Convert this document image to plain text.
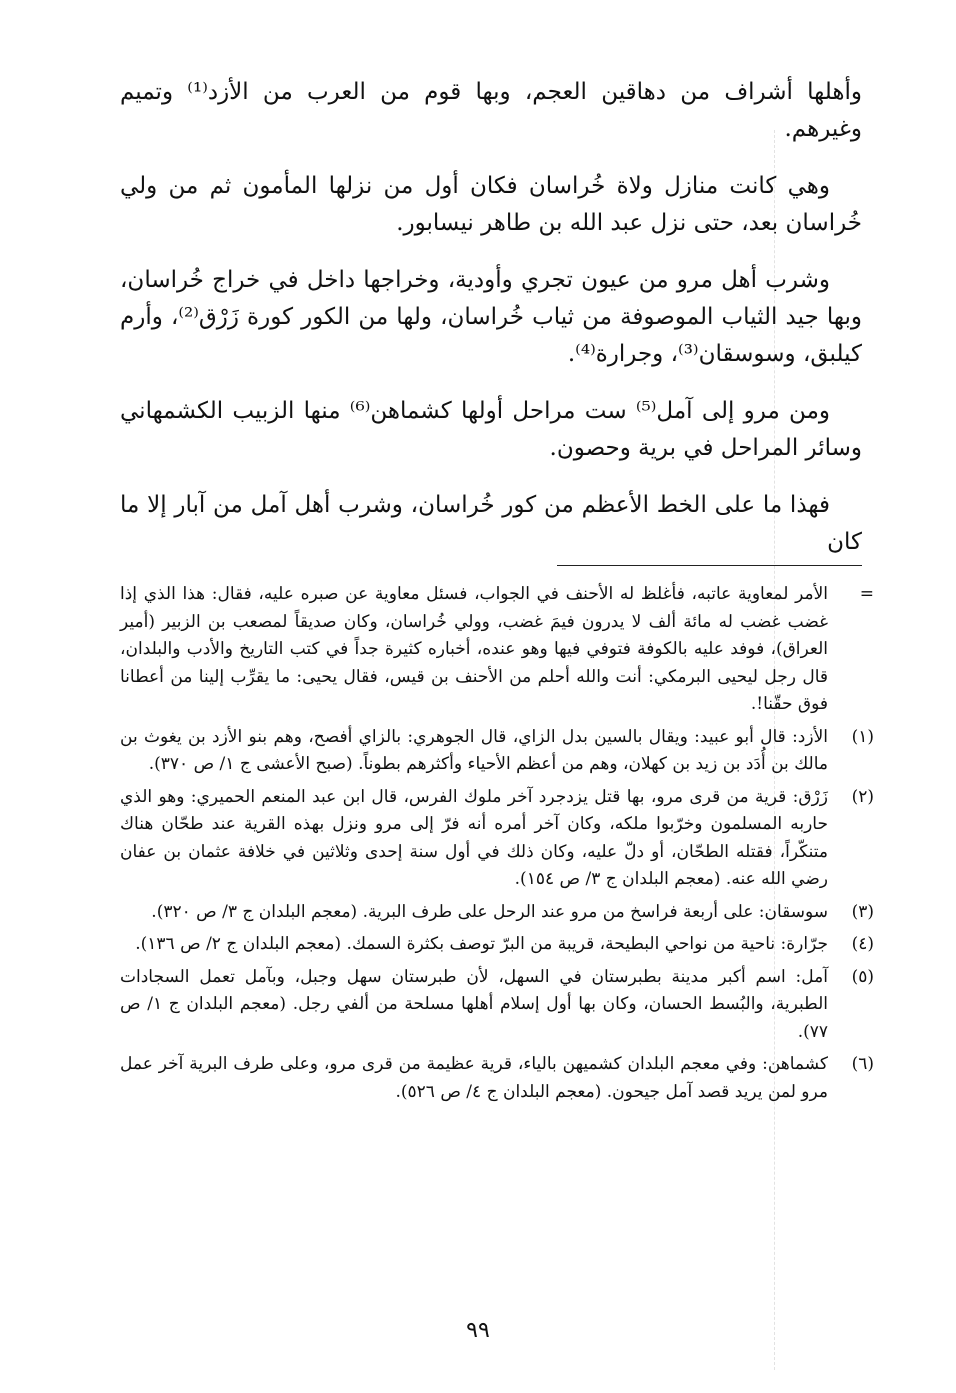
وأهلها أشراف من دهاقين العجم، وبها قوم من العرب من الأزد⁽¹⁾ وتميم وغيرهم.

وهي كانت منازل ولاة خُراسان فكان أول من نزلها المأمون ثم من ولي خُراسان بعد، حتى نزل عبد الله بن طاهر نيسابور.

وشرب أهل مرو من عيون تجري وأودية، وخراجها داخل في خراج خُراسان، وبها جيد الثياب الموصوفة من ثياب خُراسان، ولها من الكور كورة زَرْق⁽²⁾، وأرم كيلبق، وسوسقان⁽³⁾، وجرارة⁽⁴⁾.

ومن مرو إلى آمل⁽⁵⁾ ست مراحل أولها كشماهن⁽⁶⁾ منها الزبيب الكشمهاني وسائر المراحل في برية وحصون.

فهذا ما على الخط الأعظم من كور خُراسان، وشرب أهل آمل من آبار إلا ما كان

=
الأمر لمعاوية عاتبه، فأغلظ له الأحنف في الجواب، فسئل معاوية عن صبره عليه، فقال: هذا الذي إذا غضب غضب له مائة ألف لا يدرون فيمَ غضب، وولي خُراسان، وكان صديقاً لمصعب بن الزبير (أمير العراق)، فوفد عليه بالكوفة فتوفي فيها وهو عنده، أخباره كثيرة جداً في كتب التاريخ والأدب والبلدان، قال رجل ليحيى البرمكي: أنت والله أحلم من الأحنف بن قيس، فقال يحيى: ما يقرِّب إلينا من أعطانا فوق حقّنا!.
(١)
الأزد: قال أبو عبيد: ويقال بالسين بدل الزاي، قال الجوهري: بالزاي أفصح، وهم بنو الأزد بن يغوث بن مالك بن أُدَد بن زيد بن كهلان، وهم من أعظم الأحياء وأكثرهم بطوناً. (صبح الأعشى ج ١/ ص ٣٧٠).
(٢)
زَرْق: قرية من قرى مرو، بها قتل يزدجرد آخر ملوك الفرس، قال ابن عبد المنعم الحميري: وهو الذي حاربه المسلمون وخرّبوا ملكه، وكان آخر أمره أنه فرّ إلى مرو ونزل بهذه القرية عند طحّان هناك متنكّراً، فقتله الطحّان، أو دلّ عليه، وكان ذلك في أول سنة إحدى وثلاثين في خلافة عثمان بن عفان رضي الله عنه. (معجم البلدان ج ٣/ ص ١٥٤).
(٣)
سوسقان: على أربعة فراسخ من مرو عند الرحل على طرف البرية. (معجم البلدان ج ٣/ ص ٣٢٠).
(٤)
جرّارة: ناحية من نواحي البطيحة، قريبة من البرّ توصف بكثرة السمك. (معجم البلدان ج ٢/ ص ١٣٦).
(٥)
آمل: اسم أكبر مدينة بطبرستان في السهل، لأن طبرستان سهل وجبل، وبآمل تعمل السجادات الطبرية، والبُسط الحسان، وكان بها أول إسلام أهلها مسلحة من ألفي رجل. (معجم البلدان ج ١/ ص ٧٧).
(٦)
كشماهن: وفي معجم البلدان كشميهن بالياء، قرية عظيمة من قرى مرو، وعلى طرف البرية آخر عمل مرو لمن يريد قصد آمل جيحون. (معجم البلدان ج ٤/ ص ٥٢٦).
٩٩
